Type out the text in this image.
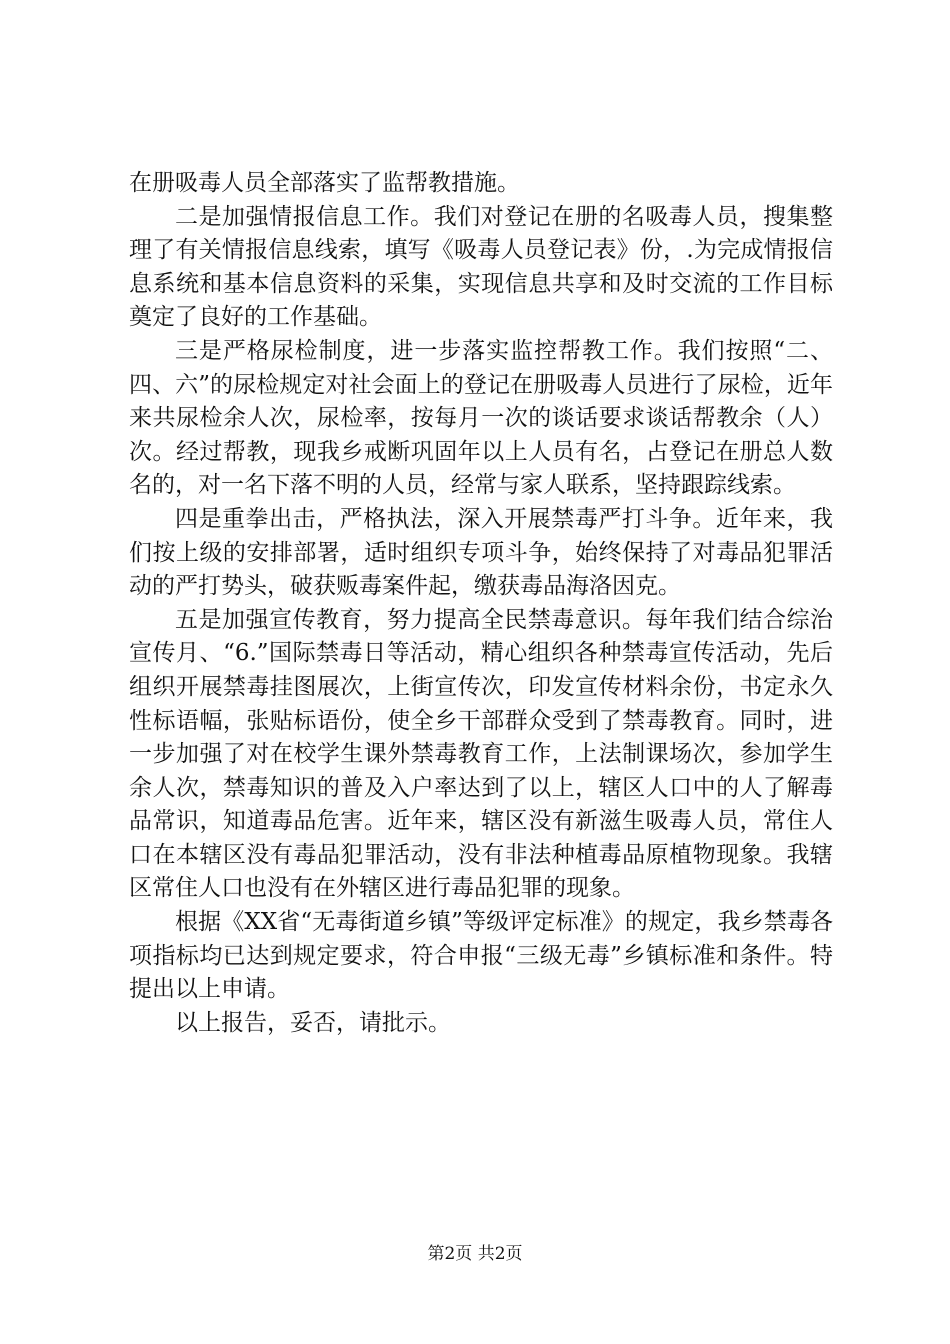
在册吸毒人员全部落实了监帮教措施。

二是加强情报信息工作。我们对登记在册的名吸毒人员，搜集整理了有关情报信息线索，填写《吸毒人员登记表》份，.为完成情报信息系统和基本信息资料的采集，实现信息共享和及时交流的工作目标奠定了良好的工作基础。

三是严格尿检制度，进一步落实监控帮教工作。我们按照“二、四、六”的尿检规定对社会面上的登记在册吸毒人员进行了尿检，近年来共尿检余人次，尿检率，按每月一次的谈话要求谈话帮教余（人）次。经过帮教，现我乡戒断巩固年以上人员有名，占登记在册总人数名的，对一名下落不明的人员，经常与家人联系，坚持跟踪线索。

四是重拳出击，严格执法，深入开展禁毒严打斗争。近年来，我们按上级的安排部署，适时组织专项斗争，始终保持了对毒品犯罪活动的严打势头，破获贩毒案件起，缴获毒品海洛因克。

五是加强宣传教育，努力提高全民禁毒意识。每年我们结合综治宣传月、“6.”国际禁毒日等活动，精心组织各种禁毒宣传活动，先后组织开展禁毒挂图展次，上街宣传次，印发宣传材料余份，书定永久性标语幅，张贴标语份，使全乡干部群众受到了禁毒教育。同时，进一步加强了对在校学生课外禁毒教育工作，上法制课场次，参加学生余人次，禁毒知识的普及入户率达到了以上，辖区人口中的人了解毒品常识，知道毒品危害。近年来，辖区没有新滋生吸毒人员，常住人口在本辖区没有毒品犯罪活动，没有非法种植毒品原植物现象。我辖区常住人口也没有在外辖区进行毒品犯罪的现象。

根据《XX省“无毒街道乡镇”等级评定标准》的规定，我乡禁毒各项指标均已达到规定要求，符合申报“三级无毒”乡镇标准和条件。特提出以上申请。

以上报告，妥否，请批示。

第2页 共2页
